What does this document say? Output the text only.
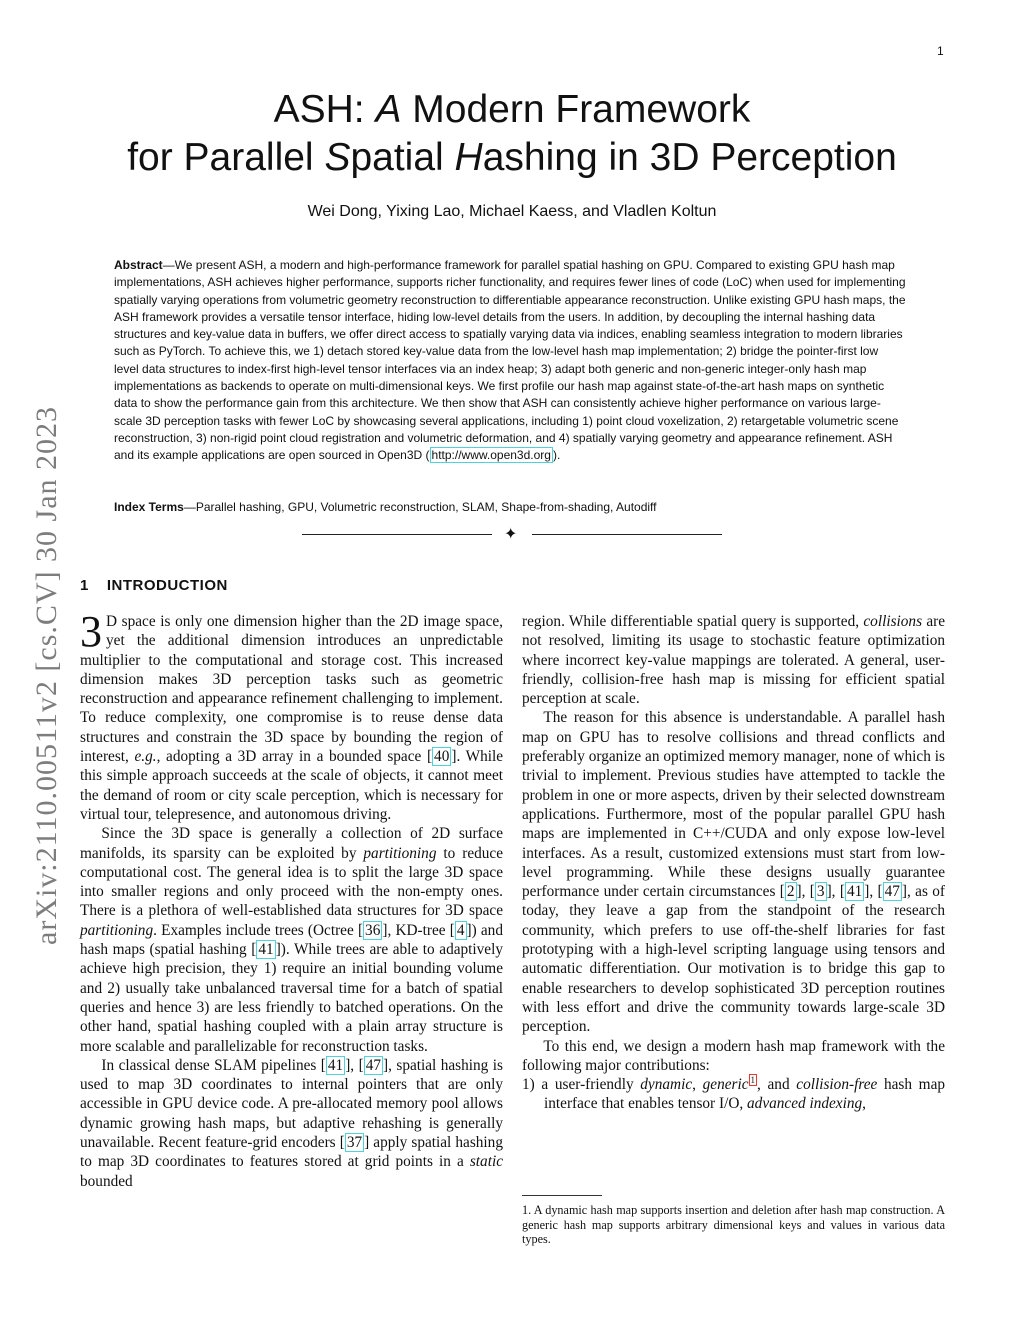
1
arXiv:2110.00511v2 [cs.CV] 30 Jan 2023
ASH: A Modern Framework
for Parallel Spatial Hashing in 3D Perception
Wei Dong, Yixing Lao, Michael Kaess, and Vladlen Koltun
Abstract—We present ASH, a modern and high-performance framework for parallel spatial hashing on GPU. Compared to existing GPU hash map implementations, ASH achieves higher performance, supports richer functionality, and requires fewer lines of code (LoC) when used for implementing spatially varying operations from volumetric geometry reconstruction to differentiable appearance reconstruction. Unlike existing GPU hash maps, the ASH framework provides a versatile tensor interface, hiding low-level details from the users. In addition, by decoupling the internal hashing data structures and key-value data in buffers, we offer direct access to spatially varying data via indices, enabling seamless integration to modern libraries such as PyTorch. To achieve this, we 1) detach stored key-value data from the low-level hash map implementation; 2) bridge the pointer-first low level data structures to index-first high-level tensor interfaces via an index heap; 3) adapt both generic and non-generic integer-only hash map implementations as backends to operate on multi-dimensional keys. We first profile our hash map against state-of-the-art hash maps on synthetic data to show the performance gain from this architecture. We then show that ASH can consistently achieve higher performance on various large-scale 3D perception tasks with fewer LoC by showcasing several applications, including 1) point cloud voxelization, 2) retargetable volumetric scene reconstruction, 3) non-rigid point cloud registration and volumetric deformation, and 4) spatially varying geometry and appearance refinement. ASH and its example applications are open sourced in Open3D ( http://www.open3d.org ).
Index Terms—Parallel hashing, GPU, Volumetric reconstruction, SLAM, Shape-from-shading, Autodiff
✦
1 INTRODUCTION

3 D space is only one dimension higher than the 2D image space, yet the additional dimension introduces an unpredictable multiplier to the computational and storage cost. This increased dimension makes 3D perception tasks such as geometric reconstruction and appearance refinement challenging to implement. To reduce complexity, one compromise is to reuse dense data structures and constrain the 3D space by bounding the region of interest, e.g., adopting a 3D array in a bounded space [ 40 ]. While this simple approach succeeds at the scale of objects, it cannot meet the demand of room or city scale perception, which is necessary for virtual tour, telepresence, and autonomous driving.

Since the 3D space is generally a collection of 2D surface manifolds, its sparsity can be exploited by partitioning to reduce computational cost. The general idea is to split the large 3D space into smaller regions and only proceed with the non-empty ones. There is a plethora of well-established data structures for 3D space partitioning. Examples include trees (Octree [ 36 ], KD-tree [ 4 ]) and hash maps (spatial hashing [ 41 ]). While trees are able to adaptively achieve high precision, they 1) require an initial bounding volume and 2) usually take unbalanced traversal time for a batch of spatial queries and hence 3) are less friendly to batched operations. On the other hand, spatial hashing coupled with a plain array structure is more scalable and parallelizable for reconstruction tasks.

In classical dense SLAM pipelines [ 41 ], [ 47 ], spatial hashing is used to map 3D coordinates to internal pointers that are only accessible in GPU device code. A pre-allocated memory pool allows dynamic growing hash maps, but adaptive rehashing is generally unavailable. Recent feature-grid encoders [ 37 ] apply spatial hashing to map 3D coordinates to features stored at grid points in a static bounded

region. While differentiable spatial query is supported, collisions are not resolved, limiting its usage to stochastic feature optimization where incorrect key-value mappings are tolerated. A general, user-friendly, collision-free hash map is missing for efficient spatial perception at scale.

The reason for this absence is understandable. A parallel hash map on GPU has to resolve collisions and thread conflicts and preferably organize an optimized memory manager, none of which is trivial to implement. Previous studies have attempted to tackle the problem in one or more aspects, driven by their selected downstream applications. Furthermore, most of the popular parallel GPU hash maps are implemented in C++/CUDA and only expose low-level interfaces. As a result, customized extensions must start from low-level programming. While these designs usually guarantee performance under certain circumstances [ 2 ], [ 3 ], [ 41 ], [ 47 ], as of today, they leave a gap from the standpoint of the research community, which prefers to use off-the-shelf libraries for fast prototyping with a high-level scripting language using tensors and automatic differentiation. Our motivation is to bridge this gap to enable researchers to develop sophisticated 3D perception routines with less effort and drive the community towards large-scale 3D perception.

To this end, we design a modern hash map framework with the following major contributions:

1) a user-friendly dynamic, generic $^1$ , and collision-free hash map interface that enables tensor I/O, advanced indexing,

1. A dynamic hash map supports insertion and deletion after hash map construction. A generic hash map supports arbitrary dimensional keys and values in various data types.
